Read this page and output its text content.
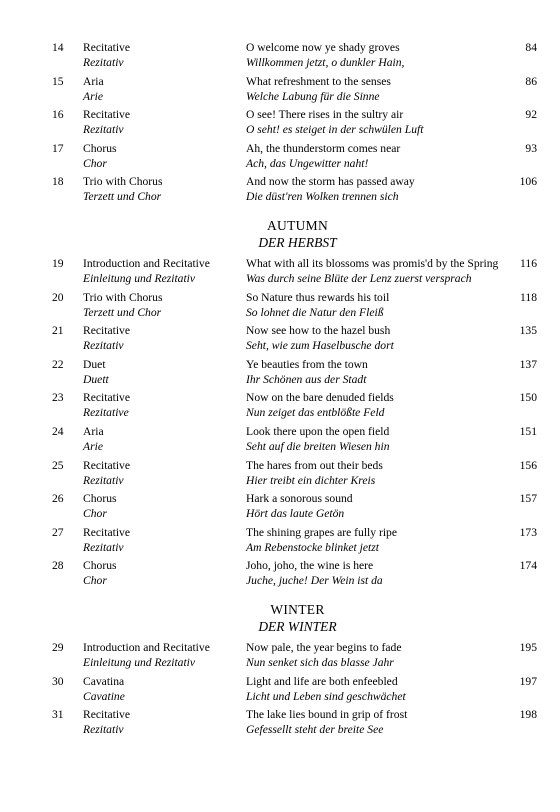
14 Recitative
Rezitativ
O welcome now ye shady groves
Willkommen jetzt, o dunkler Hain,
84
15 Aria
Arie
What refreshment to the senses
Welche Labung für die Sinne
86
16 Recitative
Rezitativ
O see! There rises in the sultry air
O seht! es steiget in der schwülen Luft
92
17 Chorus
Chor
Ah, the thunderstorm comes near
Ach, das Ungewitter naht!
93
18 Trio with Chorus
Terzett und Chor
And now the storm has passed away
Die düst'ren Wolken trennen sich
106
AUTUMN
DER HERBST
19 Introduction and Recitative
Einleitung und Rezitativ
What with all its blossoms was promis'd by the Spring
Was durch seine Blüte der Lenz zuerst versprach
116
20 Trio with Chorus
Terzett und Chor
So Nature thus rewards his toil
So lohnet die Natur den Fleiß
118
21 Recitative
Rezitativ
Now see how to the hazel bush
Seht, wie zum Haselbusche dort
135
22 Duet
Duett
Ye beauties from the town
Ihr Schönen aus der Stadt
137
23 Recitative
Rezitative
Now on the bare denuded fields
Nun zeiget das entblößte Feld
150
24 Aria
Arie
Look there upon the open field
Seht auf die breiten Wiesen hin
151
25 Recitative
Rezitativ
The hares from out their beds
Hier treibt ein dichter Kreis
156
26 Chorus
Chor
Hark a sonorous sound
Hört das laute Getön
157
27 Recitative
Rezitativ
The shining grapes are fully ripe
Am Rebenstocke blinket jetzt
173
28 Chorus
Chor
Joho, joho, the wine is here
Juche, juche! Der Wein ist da
174
WINTER
DER WINTER
29 Introduction and Recitative
Einleitung und Rezitativ
Now pale, the year begins to fade
Nun senket sich das blasse Jahr
195
30 Cavatina
Cavatine
Light and life are both enfeebled
Licht und Leben sind geschwächet
197
31 Recitative
Rezitativ
The lake lies bound in grip of frost
Gefessellt steht der breite See
198
